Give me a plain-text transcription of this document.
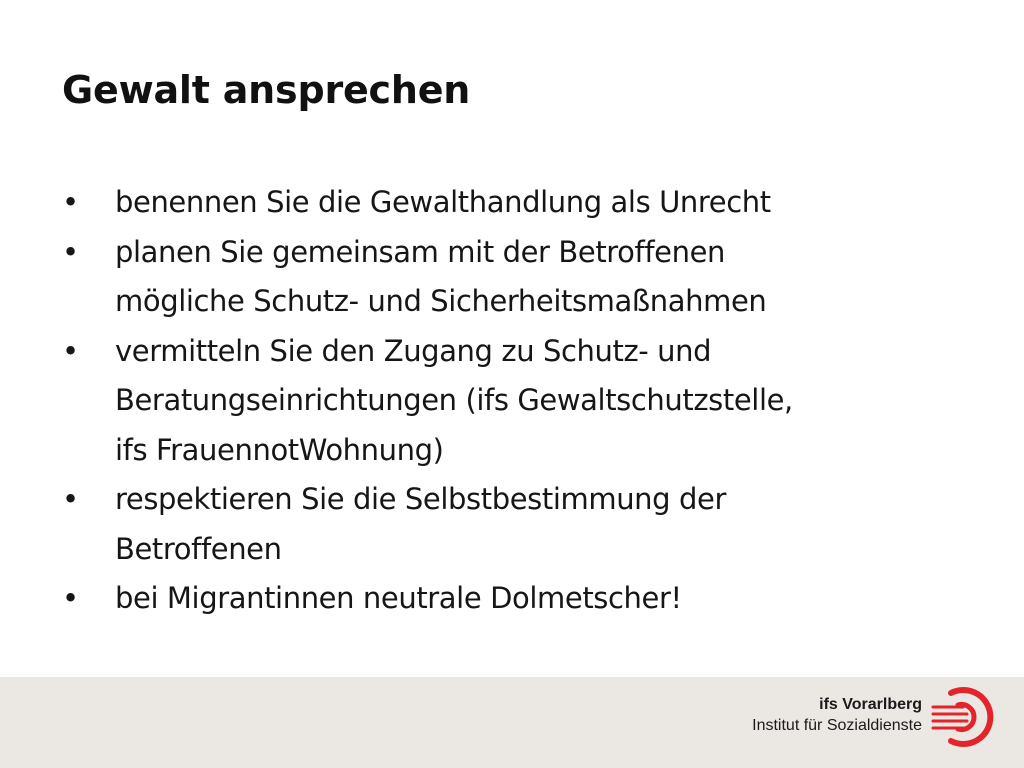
Gewalt ansprechen
• benennen Sie die Gewalthandlung als Unrecht
• planen Sie gemeinsam mit der Betroffenen
mögliche Schutz- und Sicherheitsmaßnahmen
• vermitteln Sie den Zugang zu Schutz- und
Beratungseinrichtungen (ifs Gewaltschutzstelle,
ifs FrauennotWohnung)
• respektieren Sie die Selbstbestimmung der
Betroffenen
• bei Migrantinnen neutrale Dolmetscher!
ifs Vorarlberg
Institut für Sozialdienste
